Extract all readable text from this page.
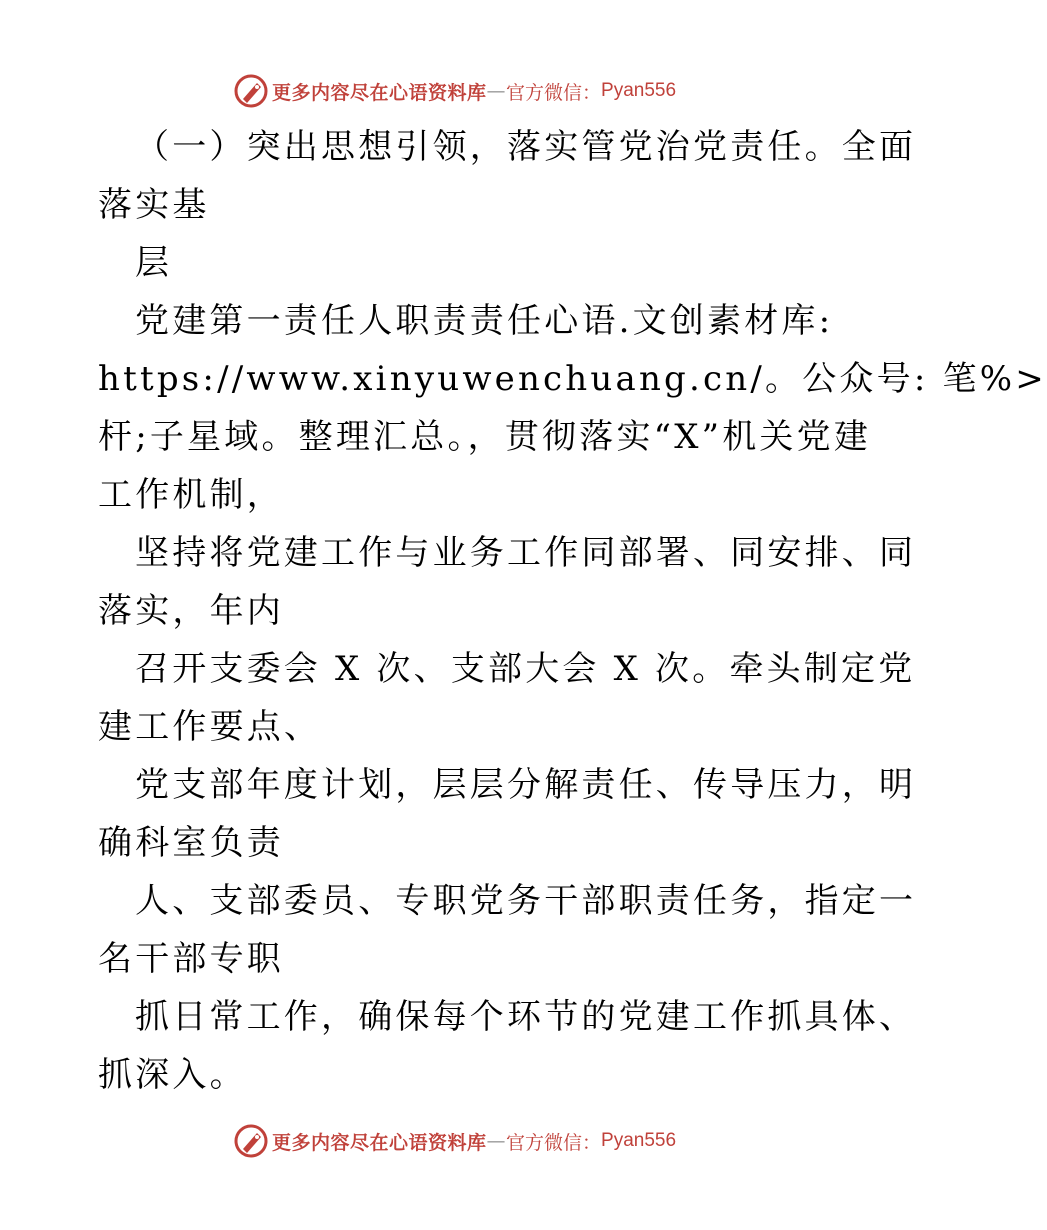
更多内容尽在心语资料库 — 官方微信： Pyan556

（一）突出思想引领，落实管党治党责任。全面

落实基

层

党建第一责任人职责责任心语.文创素材库:

https://www.xinyuwenchuang.cn/。公众号: 笔%>

杆;子星域。整理汇总。，贯彻落实“X”机关党建

工作机制，

坚持将党建工作与业务工作同部署、同安排、同

落实，年内

召开支委会 X 次、支部大会 X 次。牵头制定党

建工作要点、

党支部年度计划，层层分解责任、传导压力，明

确科室负责

人、支部委员、专职党务干部职责任务，指定一

名干部专职

抓日常工作，确保每个环节的党建工作抓具体、

抓深入。

更多内容尽在心语资料库 — 官方微信： Pyan556
